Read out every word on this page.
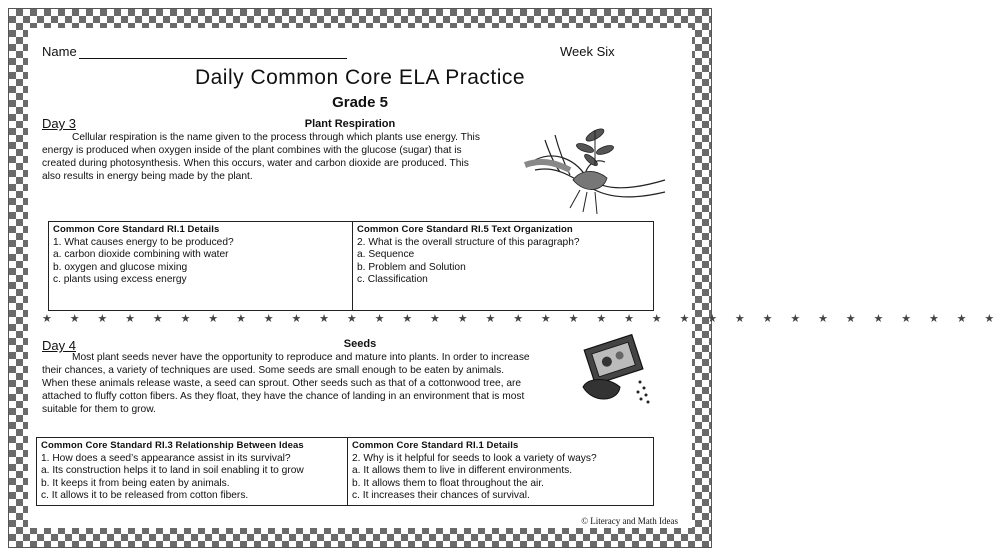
Name	Week Six
Daily Common Core ELA Practice
Grade 5
Day 3	Plant Respiration
Cellular respiration is the name given to the process through which plants use energy. This
energy is produced when oxygen inside of the plant combines with the glucose (sugar) that is
created during photosynthesis. When this occurs, water and carbon dioxide are produced. This
also results in energy being made by the plant.
Common Core Standard RI.1 Details
1. What causes energy to be produced?
a. carbon dioxide combining with water
b. oxygen and glucose mixing
c. plants using excess energy
Common Core Standard RI.5 Text Organization
2. What is the overall structure of this paragraph?
a. Sequence
b. Problem and Solution
c. Classification
★ ★ ★ ★ ★ ★ ★ ★ ★ ★ ★ ★ ★ ★ ★ ★ ★ ★ ★ ★ ★ ★ ★ ★ ★ ★ ★ ★ ★ ★ ★ ★ ★ ★ ★
Day 4	Seeds
Most plant seeds never have the opportunity to reproduce and mature into plants. In order to increase
their chances, a variety of techniques are used. Some seeds are small enough to be eaten by animals.
When these animals release waste, a seed can sprout. Other seeds such as that of a cottonwood tree, are
attached to fluffy cotton fibers. As they float, they have the chance of landing in an environment that is most
suitable for them to grow.
Common Core Standard RI.3 Relationship Between Ideas
1. How does a seed’s appearance assist in its survival?
a. Its construction helps it to land in soil enabling it to grow
b. It keeps it from being eaten by animals.
c. It allows it to be released from cotton fibers.
Common Core Standard RI.1 Details
2. Why is it helpful for seeds to look a variety of ways?
a. It allows them to live in different environments.
b. It allows them to float throughout the air.
c. It increases their chances of survival.
© Literacy and Math Ideas
